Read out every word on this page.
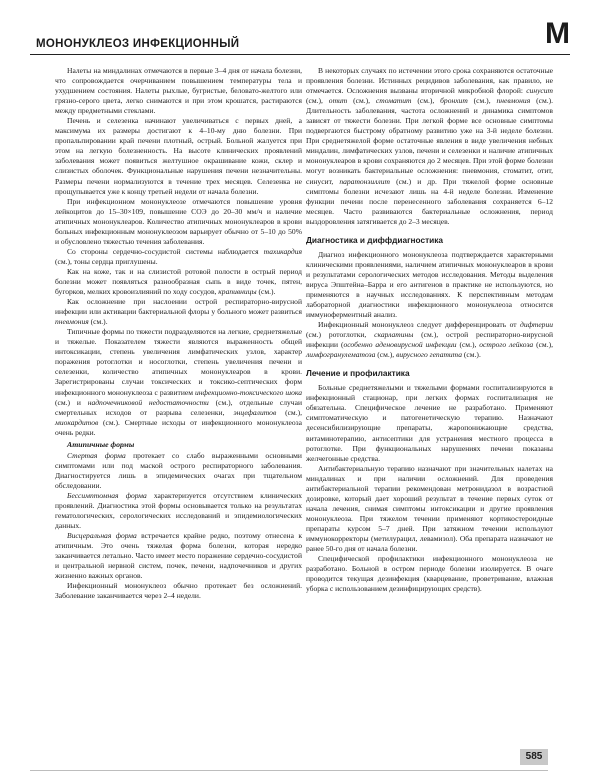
МОНОНУКЛЕОЗ ИНФЕКЦИОННЫЙ	М

Налеты на миндалинах отмечаются в первые 3–4 дня от начала болезни, что сопровождается очерчиванием повышением температуры тела и ухудшением состояния. Налеты рыхлые, бугристые, беловато-желтого или грязно-серого цвета, легко снимаются и при этом крошатся, растираются между предметными стеклами.

Печень и селезенка начинают увеличиваться с первых дней, а максимума их размеры достигают к 4–10-му дню болезни. При пропальпировании край печени плотный, острый. Больной жалуется при этом на легкую болезненность. На высоте клинических проявлений заболевания может появиться желтушное окрашивание кожи, склер и слизистых оболочек. Функциональные нарушения печени незначительны. Размеры печени нормализуются в течение трех месяцев. Селезенка не прощупывается уже к концу третьей недели от начала болезни.

При инфекционном мононуклеозе отмечаются повышение уровня лейкоцитов до 15–30×109, повышение СОЭ до 20–30 мм/ч и наличие атипичных мононуклеаров. Количество атипичных мононуклеаров в крови больных инфекционным мононуклеозом варьирует обычно от 5–10 до 50% и обусловлено тяжестью течения заболевания.

Со стороны сердечно-сосудистой системы наблюдается тахикардия (см.), тоны сердца приглушены.

Как на коже, так и на слизистой ротовой полости в острый период болезни может появляться разнообразная сыпь в виде точек, пятен, бугорков, мелких кровоизлияний по ходу сосудов, крапивницы (см.).

Как осложнение при наслоении острой респираторно-вирусной инфекции или активации бактериальной флоры у больного может развиться пневмония (см.).

Типичные формы по тяжести подразделяются на легкие, среднетяжелые и тяжелые. Показателем тяжести являются выраженность общей интоксикации, степень увеличения лимфатических узлов, характер поражения ротоглотки и носоглотки, степень увеличения печени и селезенки, количество атипичных мононуклеаров в крови. Зарегистрированы случаи токсических и токсико-септических форм инфекционного мононуклеоза с развитием инфекционно-токсического шока (см.) и надпочечниковой недостаточности (см.), отдельные случаи смертельных исходов от разрыва селезенки, энцефалитов (см.), миокардитов (см.). Смертные исходы от инфекционного мононуклеоза очень редки.

Атипичные формы

Стертая форма протекает со слабо выраженными основными симптомами или под маской острого респираторного заболевания. Диагностируется лишь в эпидемических очагах при тщательном обследовании.

Бессимптомная форма характеризуется отсутствием клинических проявлений. Диагностика этой формы основывается только на результатах гематологических, серологических исследований и эпидемиологических данных.

Висцеральная форма встречается крайне редко, поэтому отнесена к атипичным. Это очень тяжелая форма болезни, которая нередко заканчивается летально. Часто имеет место поражение сердечно-сосудистой и центральной нервной систем, почек, печени, надпочечников и других жизненно важных органов.

Инфекционный мононуклеоз обычно протекает без осложнений. Заболевание заканчивается через 2–4 недели.

В некоторых случаях по истечении этого срока сохраняются остаточные проявления болезни. Истинных рецидивов заболевания, как правило, не отмечается. Осложнения вызваны вторичной микробной флорой: синусит (см.), отит (см.), стоматит (см.), бронхит (см.), пневмония (см.). Длительность заболевания, частота осложнений и динамика симптомов зависят от тяжести болезни. При легкой форме все основные симптомы подвергаются быстрому обратному развитию уже на 3-й неделе болезни. При среднетяжелой форме остаточные явления в виде увеличения небных миндалин, лимфатических узлов, печени и селезенки и наличие атипичных мононуклеаров в крови сохраняются до 2 месяцев. При этой форме болезни могут возникать бактериальные осложнения: пневмония, стоматит, отит, синусит, паратонзиллит (см.) и др. При тяжелой форме основные симптомы болезни исчезают лишь на 4-й неделе болезни. Изменение функции печени после перенесенного заболевания сохраняется 6–12 месяцев. Часто развиваются бактериальные осложнения, период выздоровления затягивается до 2–3 месяцев.

Диагностика и диффдиагностика

Диагноз инфекционного мононуклеоза подтверждается характерными клиническими проявлениями, наличием атипичных мононуклеаров в крови и результатами серологических методов исследования. Методы выделения вируса Эпштейна–Барра и его антигенов в практике не используются, но применяются в научных исследованиях. К перспективным методам лабораторной диагностики инфекционного мононуклеоза относится иммуноферментный анализ.

Инфекционный мононуклеоз следует дифференцировать от дифтерии (см.) ротоглотки, скарлатины (см.), острой респираторно-вирусной инфекции (особенно аденовирусной инфекции (см.), острого лейкоза (см.), лимфогранулематоза (см.), вирусного гепатита (см.).

Лечение и профилактика

Больные среднетяжелыми и тяжелыми формами госпитализируются в инфекционный стационар, при легких формах госпитализация не обязательна. Специфическое лечение не разработано. Применяют симптоматическую и патогенетическую терапию. Назначают десенсибилизирующие препараты, жаропонижающие средства, витаминотерапию, антисептики для устранения местного процесса в ротоглотке. При функциональных нарушениях печени показаны желчегонные средства.

Антибактериальную терапию назначают при значительных налетах на миндалинах и при наличии осложнений. Для проведения антибактериальной терапии рекомендован метронидазол в возрастной дозировке, который дает хороший результат в течение первых суток от начала лечения, снимая симптомы интоксикации и другие проявления мононуклеоза. При тяжелом течении применяют кортикостероидные препараты курсом 5–7 дней. При затяжном течении используют иммунокорректоры (метилурацил, левамизол). Оба препарата назначают не ранее 50-го дня от начала болезни.

Специфической профилактики инфекционного мононуклеоза не разработано. Больной в остром периоде болезни изолируется. В очаге проводится текущая дезинфекция (кварцевание, проветривание, влажная уборка с использованием дезинфицирующих средств).

585
